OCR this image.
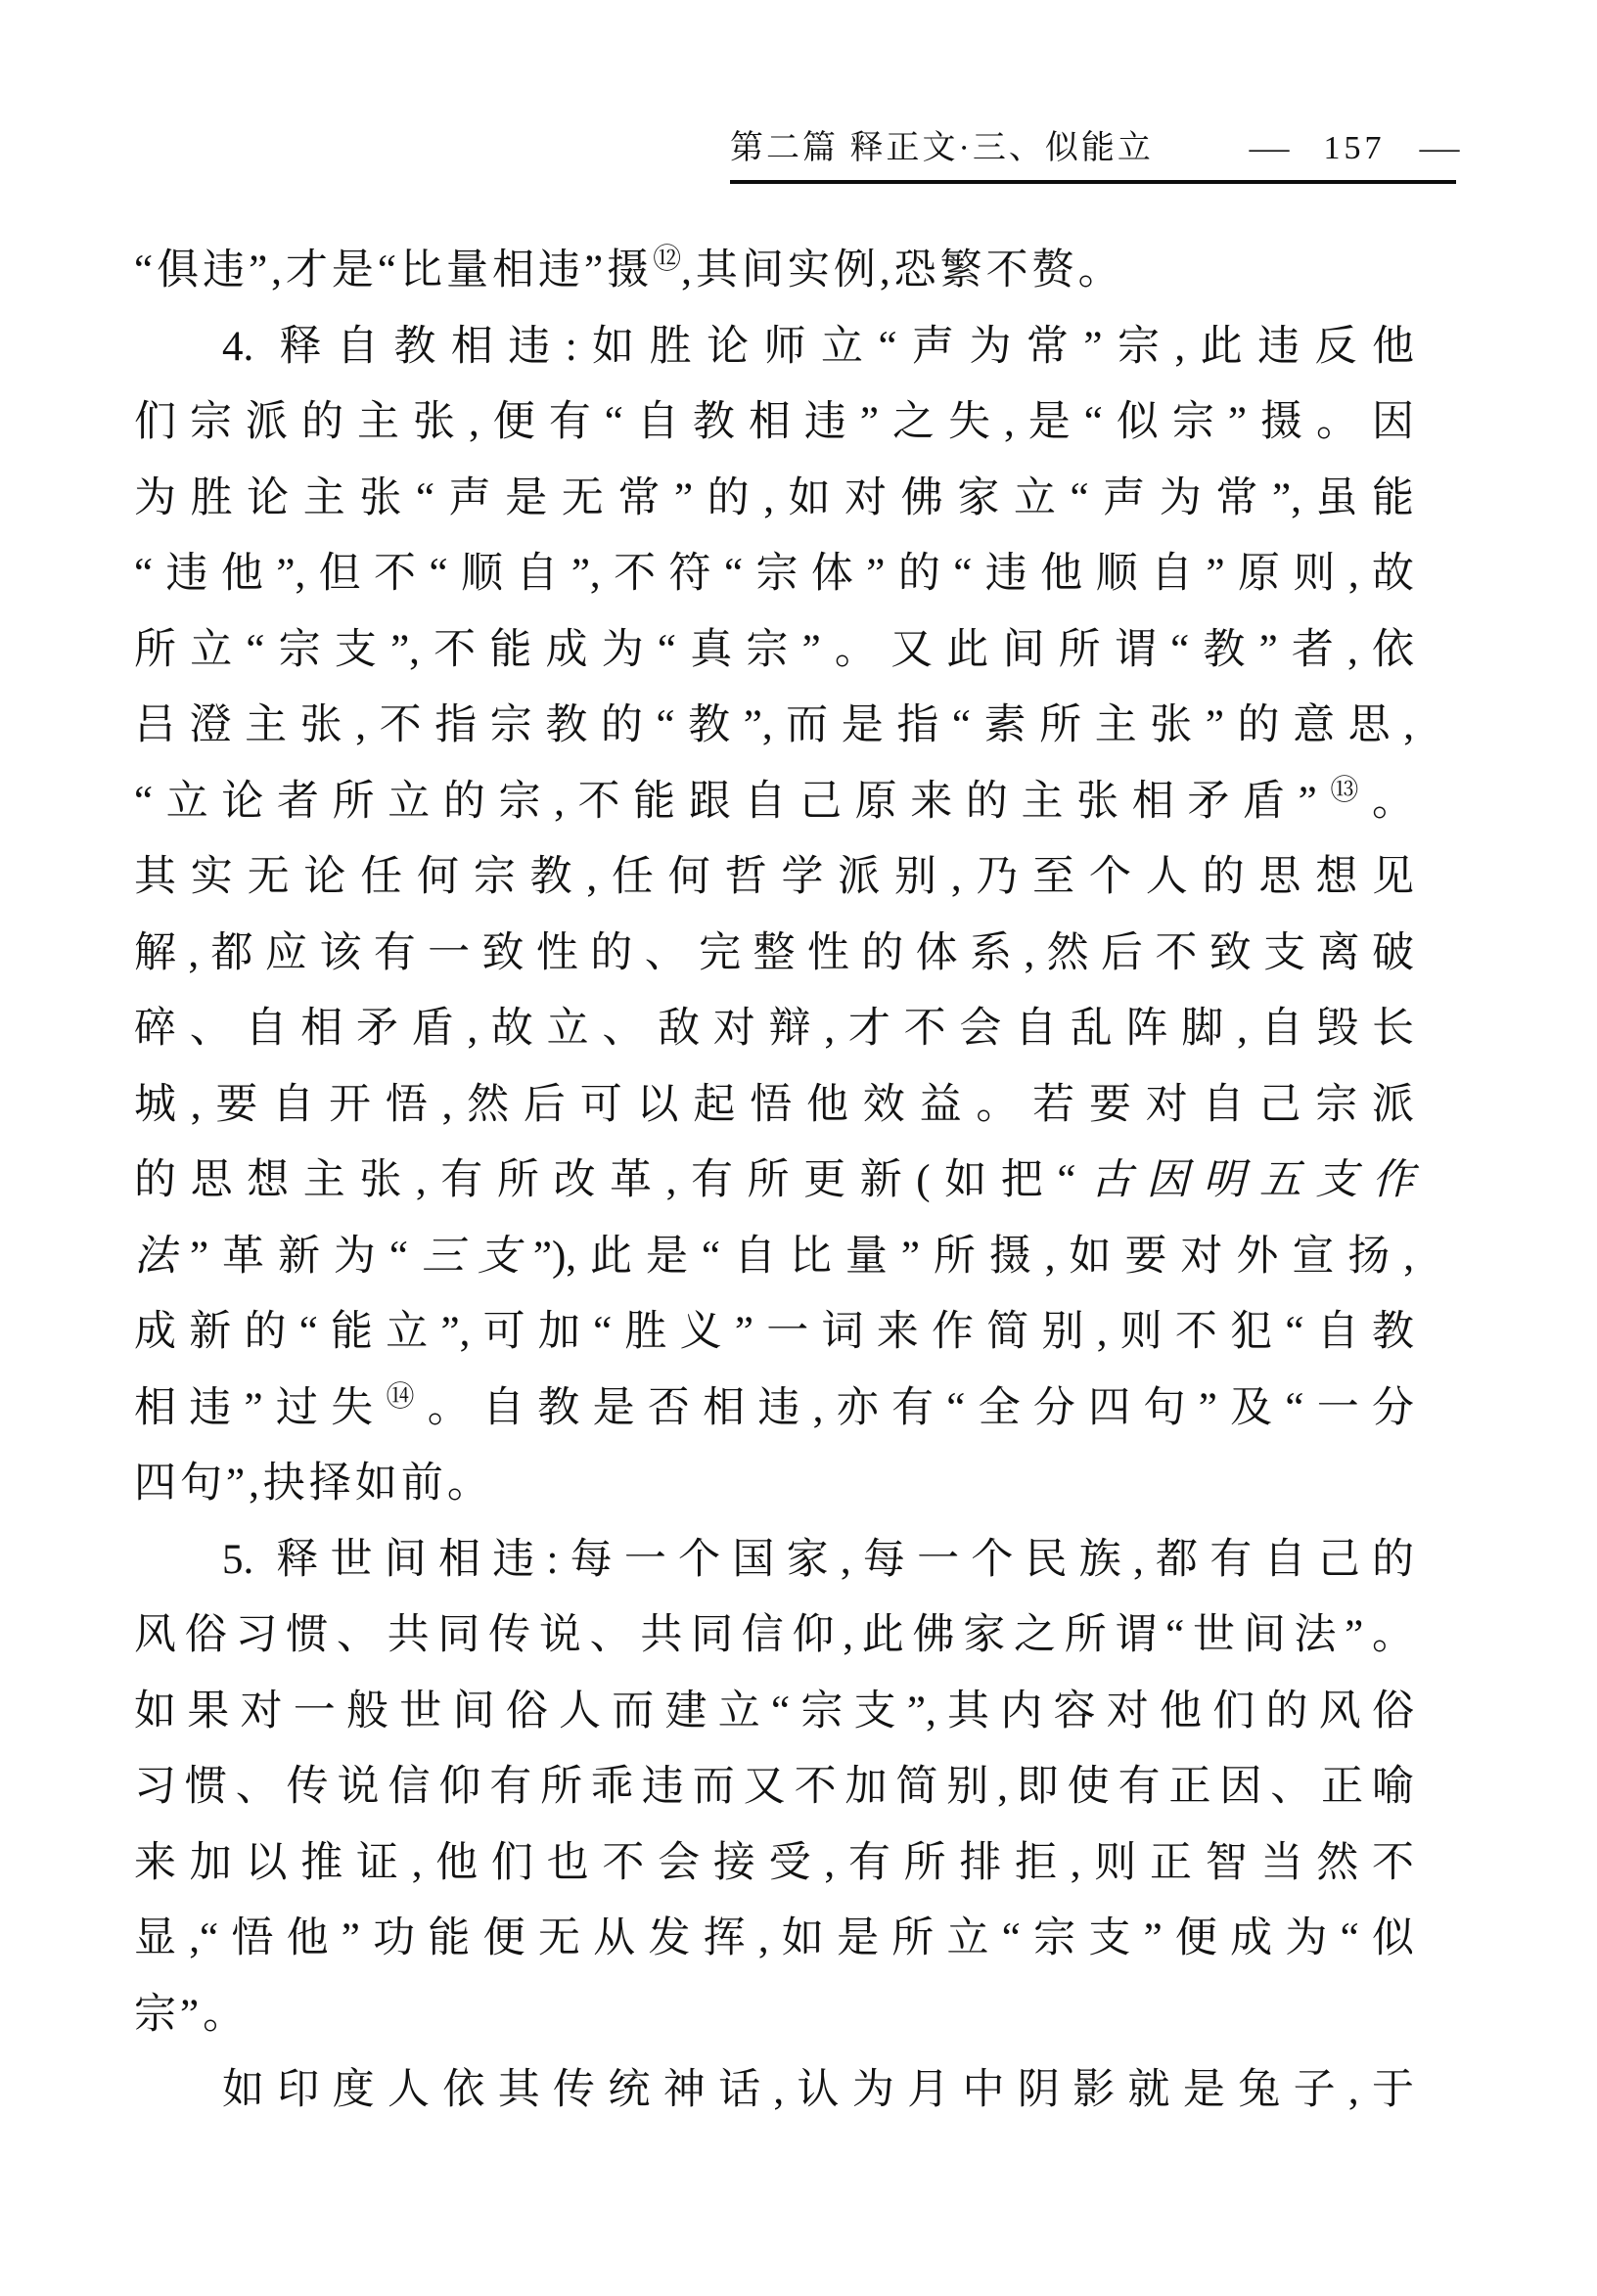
第二篇 释正文·三、似能立	— 157 —
“俱违”,才是“比量相违”摄⑫,其间实例,恐繁不赘。
4. 释自教相违:如胜论师立“声为常”宗,此违反他
们宗派的主张,便有“自教相违”之失,是“似宗”摄。因
为胜论主张“声是无常”的,如对佛家立“声为常”,虽能
“违他”,但不“顺自”,不符“宗体”的“违他顺自”原则,故
所立“宗支”,不能成为“真宗”。又此间所谓“教”者,依
吕澄主张,不指宗教的“教”,而是指“素所主张”的意思,
“立论者所立的宗,不能跟自己原来的主张相矛盾”⑬。
其实无论任何宗教,任何哲学派别,乃至个人的思想见
解,都应该有一致性的、完整性的体系,然后不致支离破
碎、自相矛盾,故立、敌对辩,才不会自乱阵脚,自毁长
城,要自开悟,然后可以起悟他效益。若要对自己宗派
的思想主张,有所改革,有所更新(如把“古因明五支作
法”革新为“三支”),此是“自比量”所摄,如要对外宣扬,
成新的“能立”,可加“胜义”一词来作简别,则不犯“自教
相违”过失⑭。自教是否相违,亦有“全分四句”及“一分
四句”,抉择如前。
5. 释世间相违:每一个国家,每一个民族,都有自己的
风俗习惯、共同传说、共同信仰,此佛家之所谓“世间法”。
如果对一般世间俗人而建立“宗支”,其内容对他们的风俗
习惯、传说信仰有所乖违而又不加简别,即使有正因、正喻
来加以推证,他们也不会接受,有所排拒,则正智当然不
显,“悟他”功能便无从发挥,如是所立“宗支”便成为“似
宗”。
如印度人依其传统神话,认为月中阴影就是兔子,于
